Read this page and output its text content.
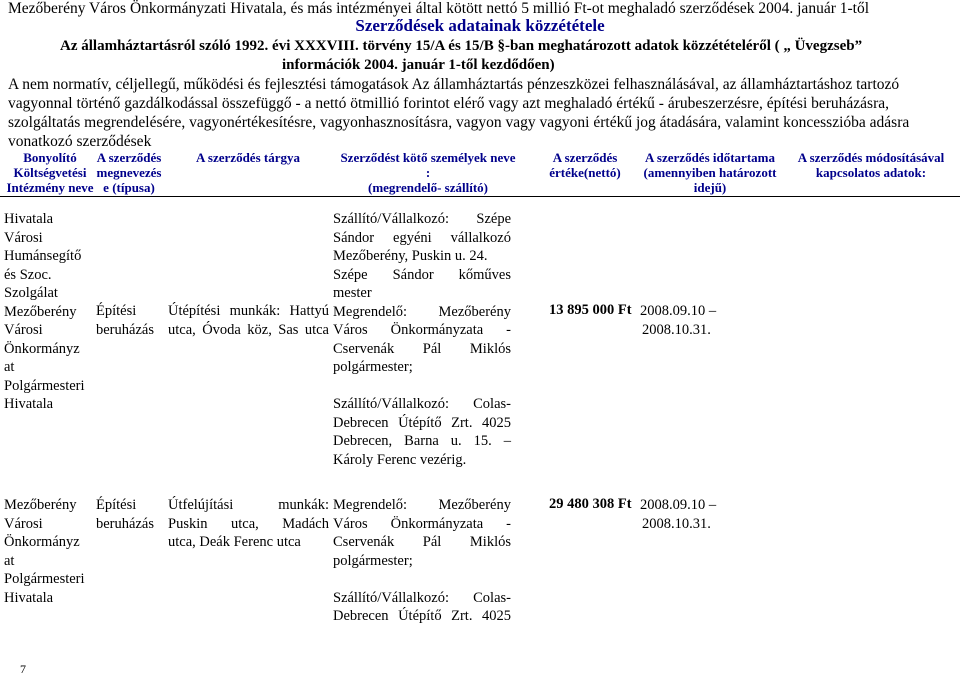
Mezőberény Város Önkormányzati Hivatala, és más intézményei által kötött nettó 5 millió Ft-ot meghaladó szerződések 2004. január 1-től
Szerződések adatainak közzététele
Az államháztartásról szóló 1992. évi XXXVIII. törvény 15/A és 15/B §-ban meghatározott adatok közzétételéről ( „ Üvegzseb”
információk 2004. január 1-től kezdődően)
A nem normatív, céljellegű, működési és fejlesztési támogatások Az államháztartás pénzeszközei felhasználásával, az államháztartáshoz tartozó
vagyonnal történő gazdálkodással összefüggő - a nettó ötmillió forintot elérő vagy azt meghaladó értékű - árubeszerzésre, építési beruházásra,
szolgáltatás megrendelésére, vagyonértékesítésre, vagyonhasznosításra, vagyon vagy vagyoni értékű jog átadására, valamint koncesszióba adásra
vonatkozó szerződések
Bonyolító
Költségvetési
Intézmény neve
A szerződés
megnevezés
e (típusa)
A szerződés tárgya	Szerződést kötő személyek neve
:
(megrendelő- szállító)
A szerződés
értéke(nettó)
A szerződés időtartama
(amennyiben határozott
idejű)
A szerződés módosításával
kapcsolatos adatok:
Hivatala
Városi
Humánsegítő
és Szoc.
Szolgálat
Mezőberény
Városi
Önkormányz
at
Polgármesteri
Hivatala
Építési
beruházás
Útépítési munkák: Hattyú
utca, Óvoda köz, Sas utca
Szállító/Vállalkozó: Szépe
Sándor egyéni vállalkozó
Mezőberény, Puskin u. 24.
Szépe Sándor kőműves
mester
Megrendelő: Mezőberény
Város Önkormányzata -
Cservenák Pál Miklós
polgármester;
Szállító/Vállalkozó: Colas-
Debrecen Útépítő Zrt. 4025
Debrecen, Barna u. 15. –
Károly Ferenc vezérig.
13 895 000 Ft 2008.09.10 –
2008.10.31.
Mezőberény
Városi
Önkormányz
at
Polgármesteri
Hivatala
Építési
beruházás
Útfelújítási munkák:
Puskin utca, Madách
utca, Deák Ferenc utca
Megrendelő: Mezőberény
Város Önkormányzata -
Cservenák Pál Miklós
polgármester;
Szállító/Vállalkozó: Colas-
Debrecen Útépítő Zrt. 4025
29 480 308 Ft 2008.09.10 –
2008.10.31.
7
